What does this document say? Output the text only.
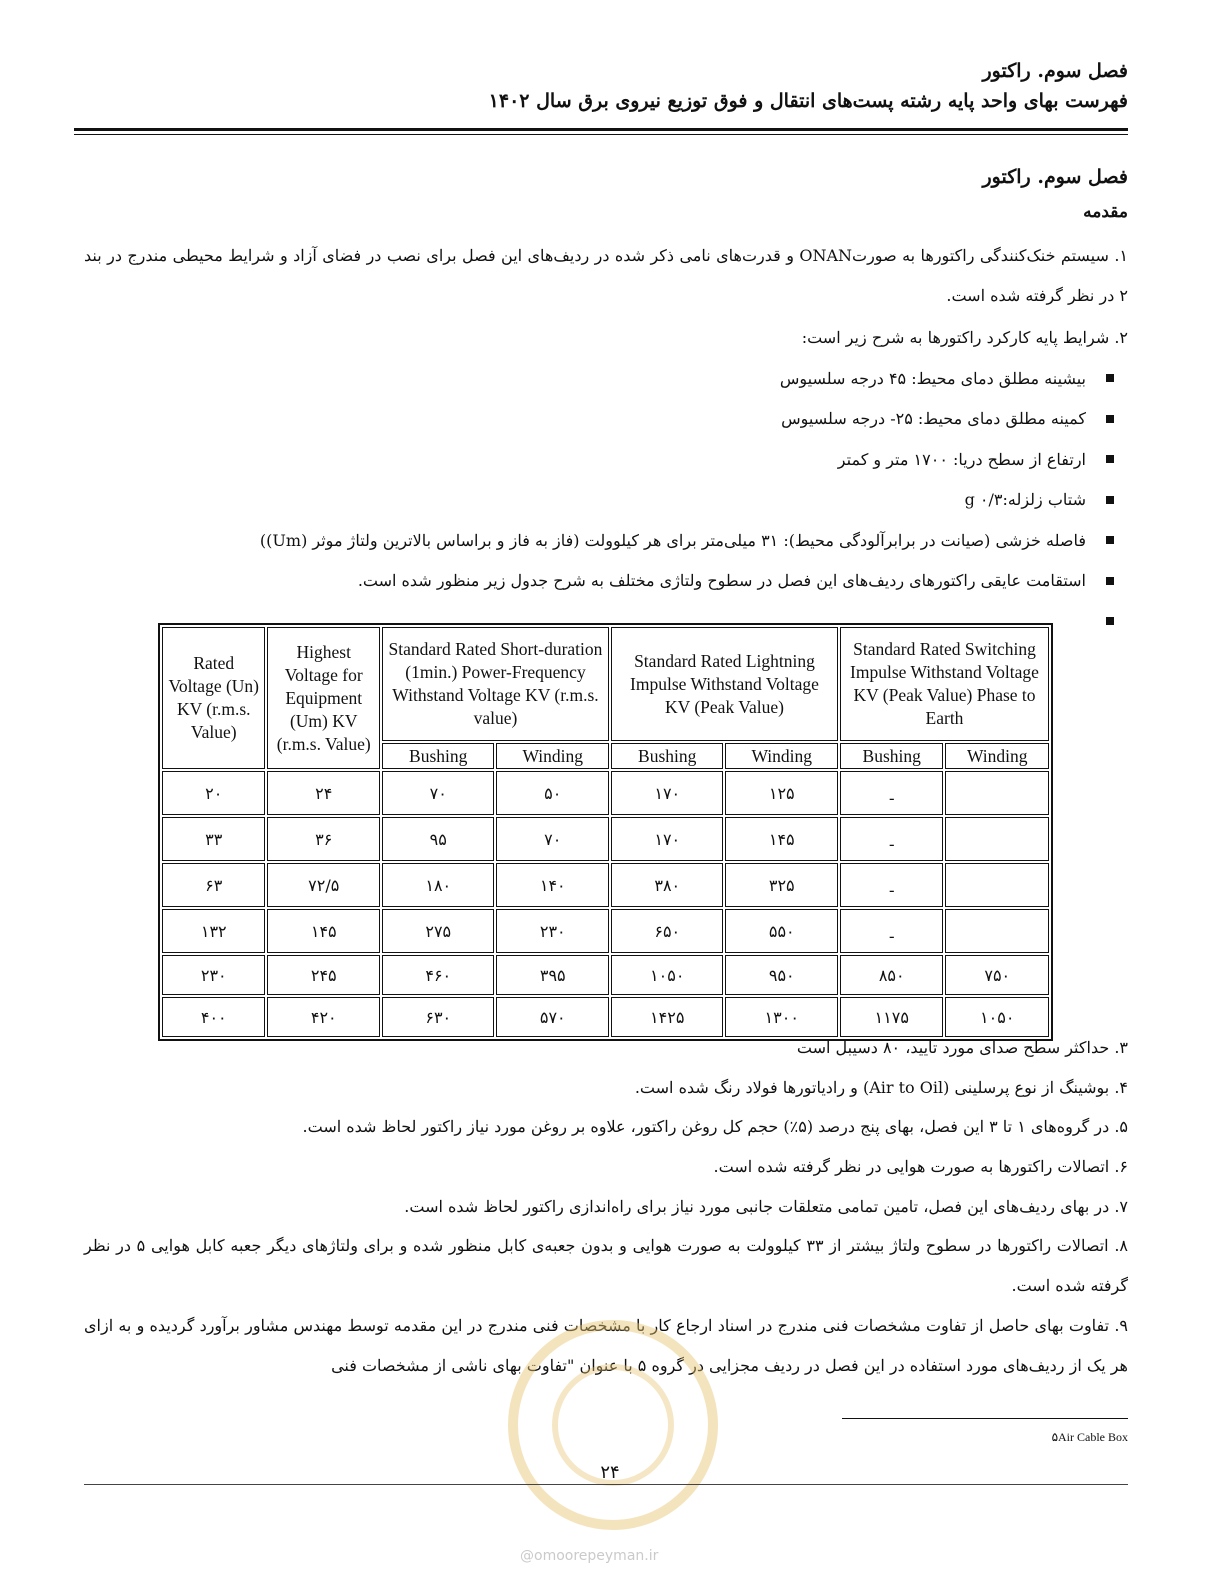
فصل سوم. راکتور
فهرست بهای واحد پایه رشته پست‌های انتقال و فوق توزیع نیروی برق سال ۱۴۰۲
فصل سوم. راکتور
مقدمه
۱. سیستم خنک‌کنندگی راکتورها به صورتONAN و قدرت‌های نامی ذکر شده در ردیف‌های این فصل برای نصب در فضای آزاد و شرایط محیطی مندرج در بند ۲ در نظر گرفته شده است.
۲. شرایط پایه کارکرد راکتورها به شرح زیر است:
بیشینه مطلق دمای محیط: ۴۵ درجه سلسیوس
کمینه مطلق دمای محیط: ۲۵- درجه سلسیوس
ارتفاع از سطح دریا: ۱۷۰۰ متر و کمتر
شتاب زلزله:g ۰/۳
فاصله خزشی (صیانت در برابرآلودگی محیط): ۳۱ میلی‌متر برای هر کیلوولت (فاز به فاز و براساس بالاترین ولتاژ موثر (Um))
استقامت عایقی راکتورهای ردیف‌های این فصل در سطوح ولتاژی مختلف به شرح جدول زیر منظور شده است.
Rated Voltage (Un) KV (r.m.s. Value)	Highest Voltage for Equipment (Um) KV (r.m.s. Value)	Standard Rated Short-duration (1min.) Power-Frequency Withstand Voltage KV (r.m.s. value)		Standard Rated Lightning Impulse Withstand Voltage KV (Peak Value)		Standard Rated Switching Impulse Withstand Voltage KV (Peak Value) Phase to Earth	
		Bushing	Winding	Bushing	Winding	Bushing	Winding
۲۰	۲۴	۷۰	۵۰	۱۷۰	۱۲۵	-	
۳۳	۳۶	۹۵	۷۰	۱۷۰	۱۴۵	-	
۶۳	۷۲/۵	۱۸۰	۱۴۰	۳۸۰	۳۲۵	-	
۱۳۲	۱۴۵	۲۷۵	۲۳۰	۶۵۰	۵۵۰	-	
۲۳۰	۲۴۵	۴۶۰	۳۹۵	۱۰۵۰	۹۵۰	۸۵۰	۷۵۰
۴۰۰	۴۲۰	۶۳۰	۵۷۰	۱۴۲۵	۱۳۰۰	۱۱۷۵	۱۰۵۰
۳. حداکثر سطح صدای مورد تایید، ۸۰ دسیبل است
۴. بوشینگ از نوع پرسلینی (Air to Oil) و رادیاتورها فولاد رنگ شده است.
۵. در گروه‌های ۱ تا ۳ این فصل، بهای پنج درصد (۵٪) حجم کل روغن راکتور، علاوه بر روغن مورد نیاز راکتور لحاظ شده است.
۶. اتصالات راکتورها به صورت هوایی در نظر گرفته شده است.
۷. در بهای ردیف‌های این فصل، تامین تمامی متعلقات جانبی مورد نیاز برای راه‌اندازی راکتور لحاظ شده است.
۸. اتصالات راکتورها در سطوح ولتاژ بیشتر از ۳۳ کیلوولت به صورت هوایی و بدون جعبه‌ی کابل منظور شده و برای ولتاژهای دیگر جعبه کابل هوایی ۵ در نظر گرفته شده است.
۹. تفاوت بهای حاصل از تفاوت مشخصات فنی مندرج در اسناد ارجاع کار با مشخصات فنی مندرج در این مقدمه توسط مهندس مشاور برآورد گردیده و به ازای هر یک از ردیف‌های مورد استفاده در این فصل در ردیف مجزایی در گروه ۵ با عنوان "تفاوت بهای ناشی از مشخصات فنی
۵Air Cable Box
۲۴
@omoorepeyman.ir
